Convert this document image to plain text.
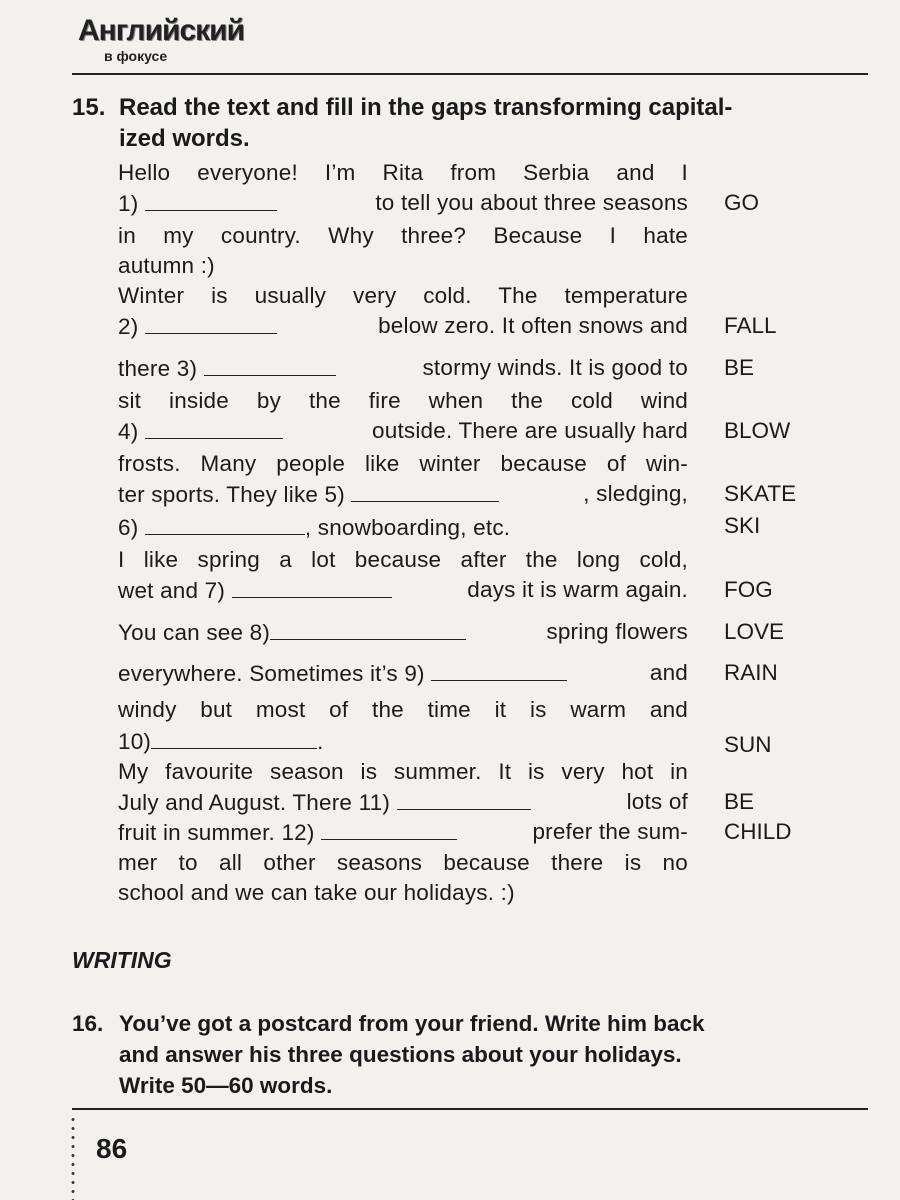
Английский
в фокусе
15. Read the text and fill in the gaps transforming capital-
ized words.
Hello everyone! I’m Rita from Serbia and I
1)	to tell you about three seasons
in my country. Why three? Because I hate
autumn :)
Winter is usually very cold. The temperature
2)	below zero. It often snows and
there 3)	stormy winds. It is good to
sit inside by the fire when the cold wind
4)	outside. There are usually hard
frosts. Many people like winter because of win-
ter sports. They like 5)	, sledging,
6)	, snowboarding, etc.
I like spring a lot because after the long cold,
wet and 7)	days it is warm again.
You can see 8)	spring flowers
everywhere. Sometimes it’s 9)	and
windy but most of the time it is warm and
10)	.
My favourite season is summer. It is very hot in
July and August. There 11)	lots of
fruit in summer. 12)	prefer the sum-
mer to all other seasons because there is no
school and we can take our holidays. :)
GO
FALL
BE
BLOW
SKATE
SKI
FOG
LOVE
RAIN
SUN
BE
CHILD
WRITING
16. You’ve got a postcard from your friend. Write him back
and answer his three questions about your holidays.
Write 50—60 words.
86
